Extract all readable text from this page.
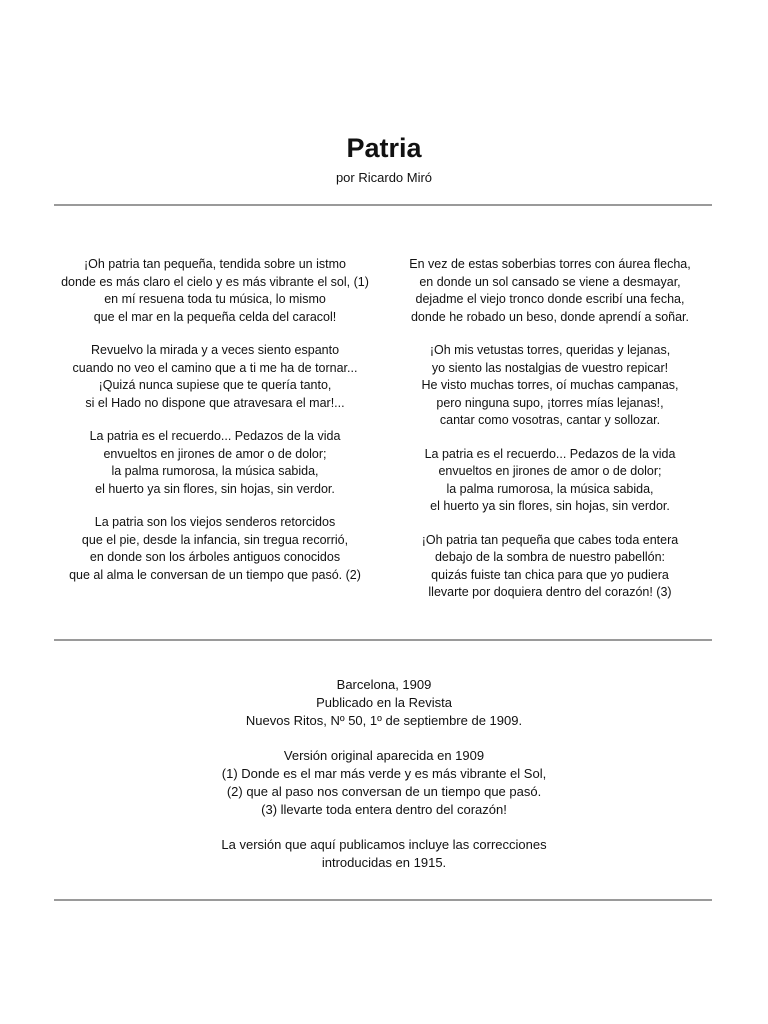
Patria
por Ricardo Miró
¡Oh patria tan pequeña, tendida sobre un istmo
donde es más claro el cielo y es más vibrante el sol, (1)
en mí resuena toda tu música, lo mismo
que el mar en la pequeña celda del caracol!
Revuelvo la mirada y a veces siento espanto
cuando no veo el camino que a ti me ha de tornar...
¡Quizá nunca supiese que te quería tanto,
si el Hado no dispone que atravesara el mar!...
La patria es el recuerdo... Pedazos de la vida
envueltos en jirones de amor o de dolor;
la palma rumorosa, la música sabida,
el huerto ya sin flores, sin hojas, sin verdor.
La patria son los viejos senderos retorcidos
que el pie, desde la infancia, sin tregua recorrió,
en donde son los árboles antiguos conocidos
que al alma le conversan de un tiempo que pasó. (2)
En vez de estas soberbias torres con áurea flecha,
en donde un sol cansado se viene a desmayar,
dejadme el viejo tronco donde escribí una fecha,
donde he robado un beso, donde aprendí a soñar.
¡Oh mis vetustas torres, queridas y lejanas,
yo siento las nostalgias de vuestro repicar!
He visto muchas torres, oí muchas campanas,
pero ninguna supo, ¡torres mías lejanas!,
cantar como vosotras, cantar y sollozar.
La patria es el recuerdo... Pedazos de la vida
envueltos en jirones de amor o de dolor;
la palma rumorosa, la música sabida,
el huerto ya sin flores, sin hojas, sin verdor.
¡Oh patria tan pequeña que cabes toda entera
debajo de la sombra de nuestro pabellón:
quizás fuiste tan chica para que yo pudiera
llevarte por doquiera dentro del corazón! (3)
Barcelona, 1909
Publicado en la Revista
Nuevos Ritos, Nº 50, 1º de septiembre de 1909.
Versión original aparecida en 1909
(1) Donde es el mar más verde y es más vibrante el Sol,
(2) que al paso nos conversan de un tiempo que pasó.
(3) llevarte toda entera dentro del corazón!
La versión que aquí publicamos incluye las correcciones
introducidas en 1915.
